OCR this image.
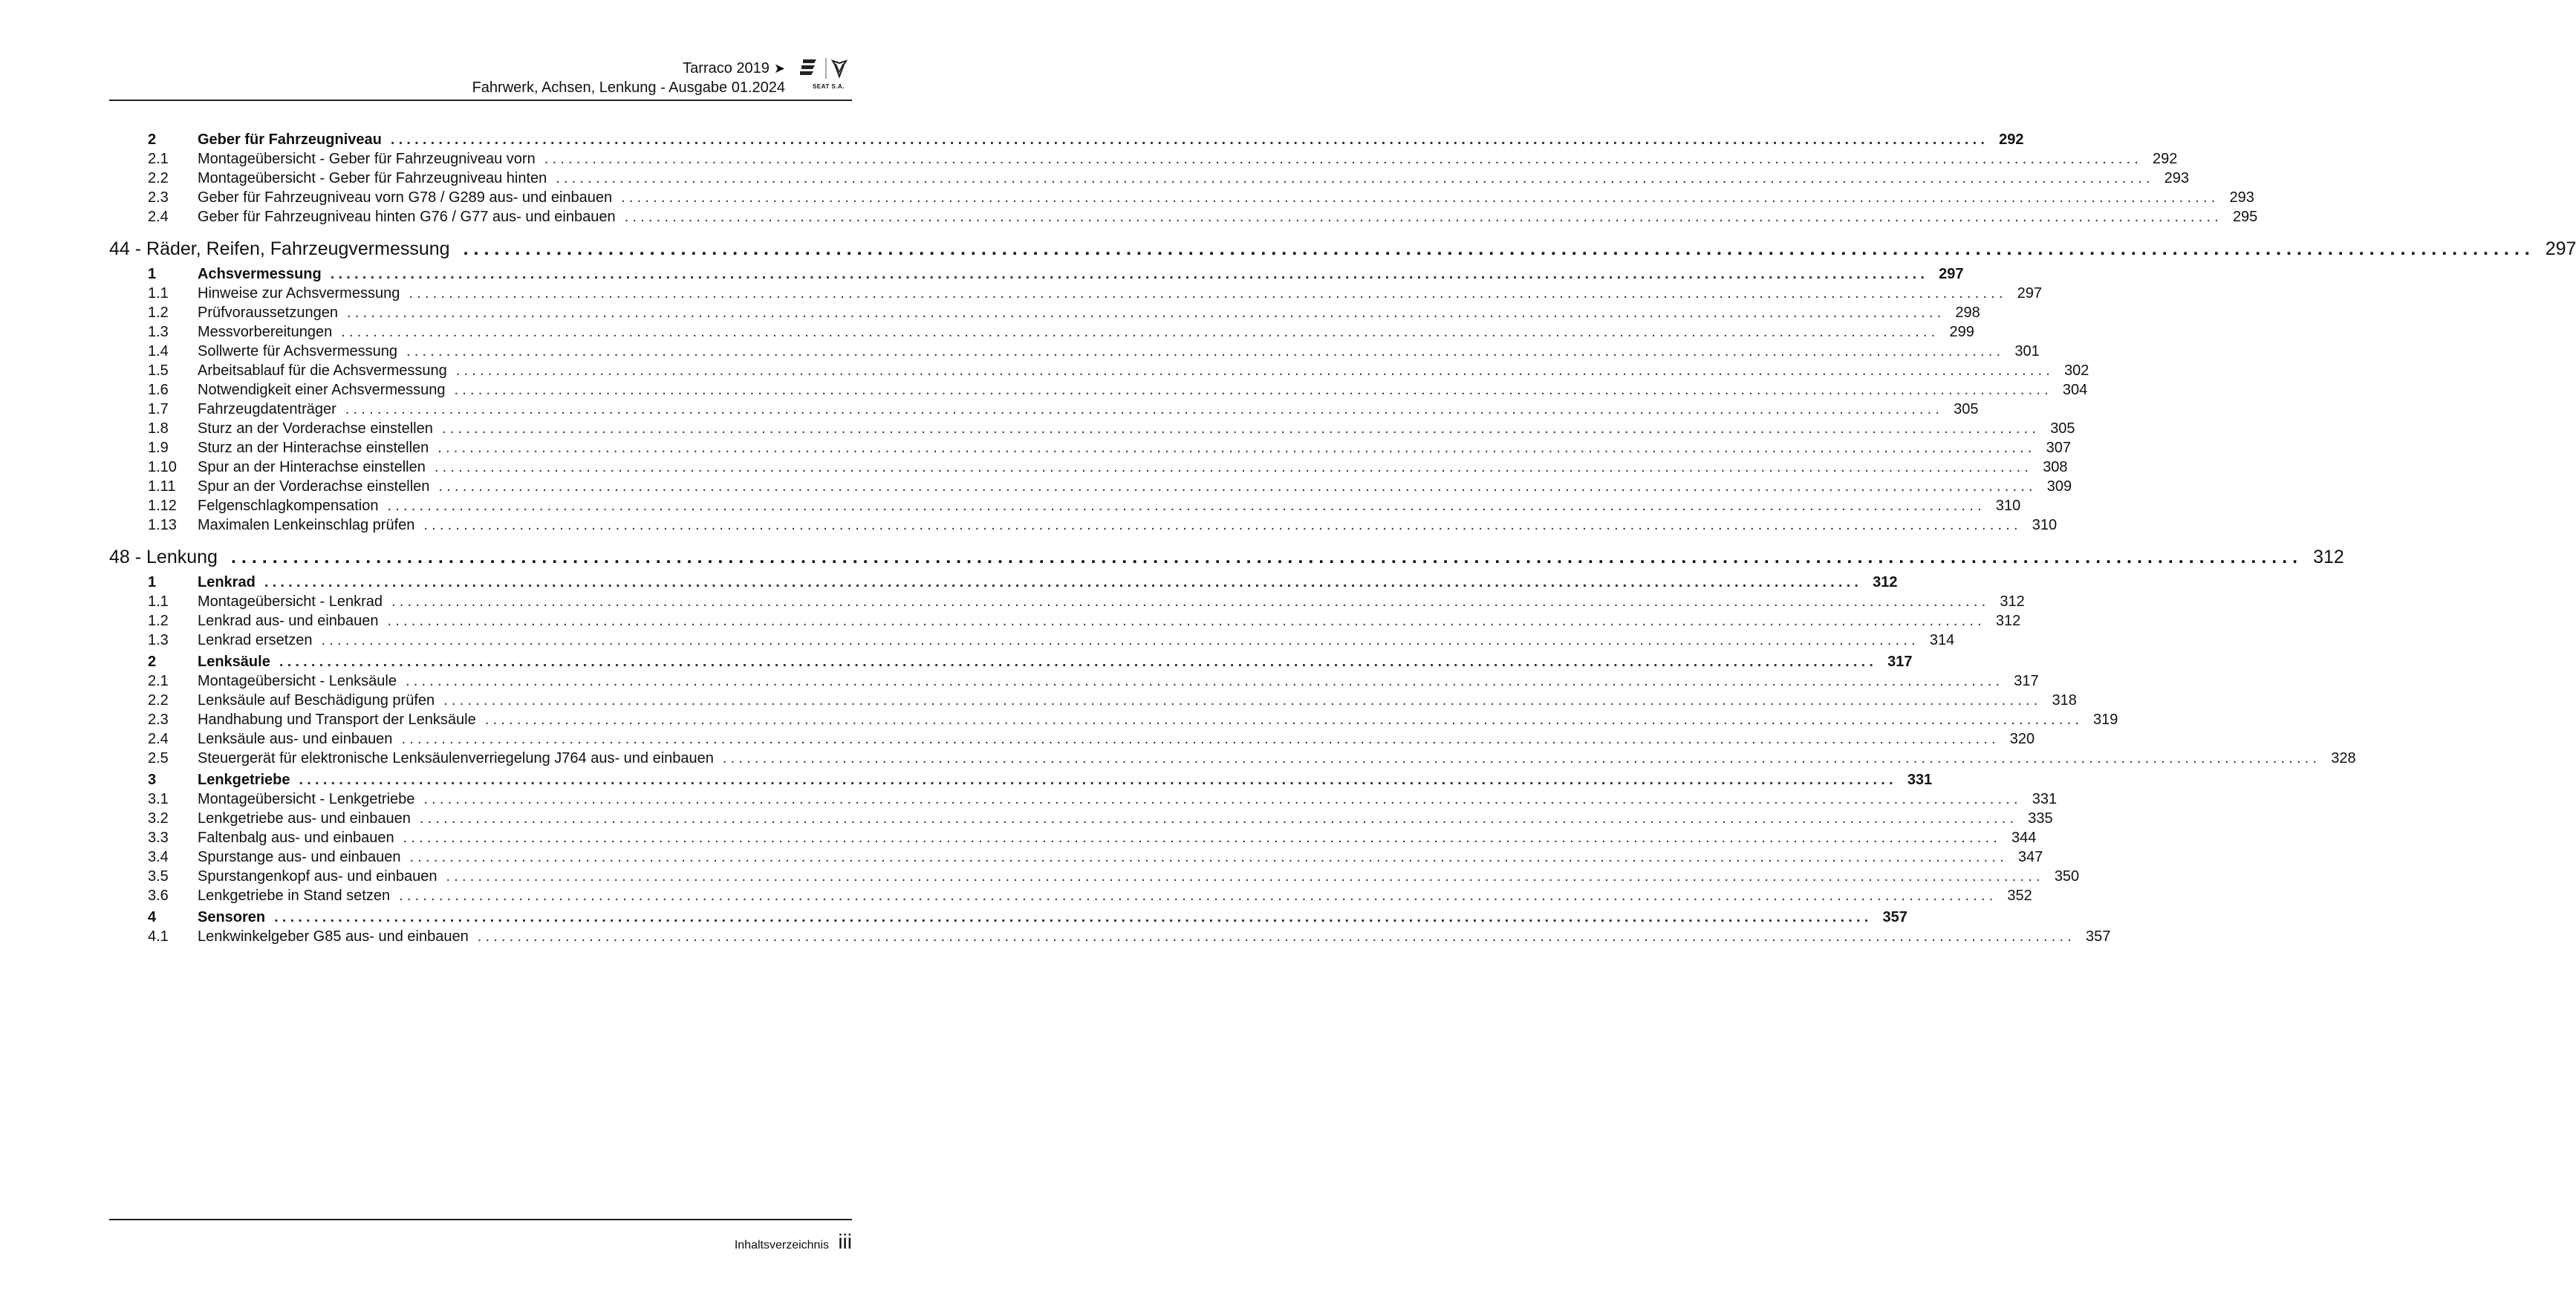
Tarraco 2019 ➤
Fahrwerk, Achsen, Lenkung - Ausgabe 01.2024	SEAT S.A.
2	Geber für Fahrzeugniveau ........................................................................................................................................................................................................ 292
2.1 Montageübersicht - Geber für Fahrzeugniveau vorn ........................................................................................................................................................................................................ 292
2.2 Montageübersicht - Geber für Fahrzeugniveau hinten ........................................................................................................................................................................................................ 293
2.3 Geber für Fahrzeugniveau vorn G78 / G289 aus- und einbauen ........................................................................................................................................................................................................ 293
2.4 Geber für Fahrzeugniveau hinten G76 / G77 aus- und einbauen ........................................................................................................................................................................................................ 295
44 - Räder, Reifen, Fahrzeugvermessung ........................................................................................................................................................................................................ 297
1	Achsvermessung ........................................................................................................................................................................................................ 297
1.1 Hinweise zur Achsvermessung ........................................................................................................................................................................................................ 297
1.2 Prüfvoraussetzungen ........................................................................................................................................................................................................ 298
1.3 Messvorbereitungen ........................................................................................................................................................................................................ 299
1.4 Sollwerte für Achsvermessung ........................................................................................................................................................................................................ 301
1.5 Arbeitsablauf für die Achsvermessung ........................................................................................................................................................................................................ 302
1.6 Notwendigkeit einer Achsvermessung ........................................................................................................................................................................................................ 304
1.7 Fahrzeugdatenträger ........................................................................................................................................................................................................ 305
1.8 Sturz an der Vorderachse einstellen ........................................................................................................................................................................................................ 305
1.9 Sturz an der Hinterachse einstellen ........................................................................................................................................................................................................ 307
1.10 Spur an der Hinterachse einstellen ........................................................................................................................................................................................................ 308
1.11 Spur an der Vorderachse einstellen ........................................................................................................................................................................................................ 309
1.12 Felgenschlagkompensation ........................................................................................................................................................................................................ 310
1.13 Maximalen Lenkeinschlag prüfen ........................................................................................................................................................................................................ 310
48 - Lenkung ........................................................................................................................................................................................................ 312
1	Lenkrad ........................................................................................................................................................................................................ 312
1.1 Montageübersicht - Lenkrad ........................................................................................................................................................................................................ 312
1.2 Lenkrad aus- und einbauen ........................................................................................................................................................................................................ 312
1.3 Lenkrad ersetzen ........................................................................................................................................................................................................ 314
2	Lenksäule ........................................................................................................................................................................................................ 317
2.1 Montageübersicht - Lenksäule ........................................................................................................................................................................................................ 317
2.2 Lenksäule auf Beschädigung prüfen ........................................................................................................................................................................................................ 318
2.3 Handhabung und Transport der Lenksäule ........................................................................................................................................................................................................ 319
2.4 Lenksäule aus- und einbauen ........................................................................................................................................................................................................ 320
2.5 Steuergerät für elektronische Lenksäulenverriegelung J764 aus- und einbauen ........................................................................................................................................................................................................ 328
3	Lenkgetriebe ........................................................................................................................................................................................................ 331
3.1 Montageübersicht - Lenkgetriebe ........................................................................................................................................................................................................ 331
3.2 Lenkgetriebe aus- und einbauen ........................................................................................................................................................................................................ 335
3.3 Faltenbalg aus- und einbauen ........................................................................................................................................................................................................ 344
3.4 Spurstange aus- und einbauen ........................................................................................................................................................................................................ 347
3.5 Spurstangenkopf aus- und einbauen ........................................................................................................................................................................................................ 350
3.6 Lenkgetriebe in Stand setzen ........................................................................................................................................................................................................ 352
4	Sensoren ........................................................................................................................................................................................................ 357
4.1 Lenkwinkelgeber G85 aus- und einbauen ........................................................................................................................................................................................................ 357
Inhaltsverzeichnis iii
